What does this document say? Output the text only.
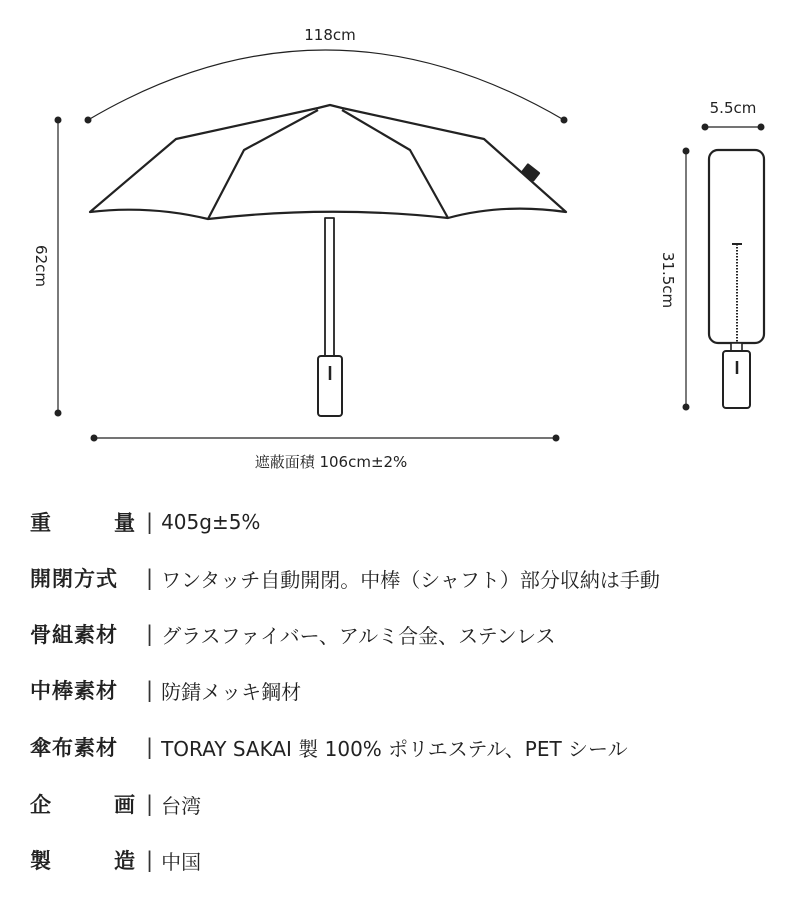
118cm
62cm
遮蔽面積 106cm±2%
5.5cm
31.5cm
重	量 | 405g±5%
開閉方式 | ワンタッチ自動開閉。中棒（シャフト）部分収納は手動
骨組素材 | グラスファイバー、アルミ合金、ステンレス
中棒素材 | 防錆メッキ鋼材
傘布素材 | TORAY SAKAI 製 100% ポリエステル、PET シール
企	画 | 台湾
製	造 | 中国
